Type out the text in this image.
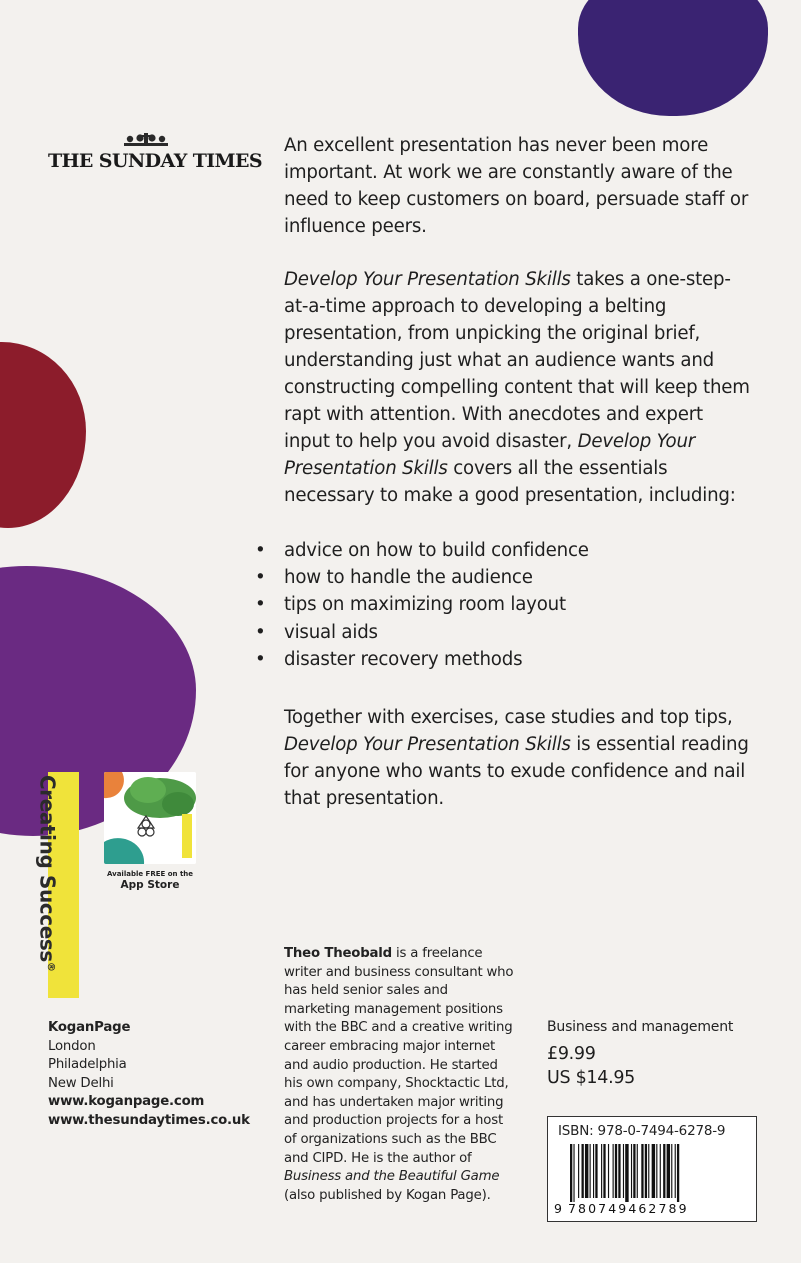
THE SUNDAY TIMES

An excellent presentation has never been more important. At work we are constantly aware of the need to keep customers on board, persuade staff or influence peers.

Develop Your Presentation Skills takes a one-step-at-a-time approach to developing a belting presentation, from unpicking the original brief, understanding just what an audience wants and constructing compelling content that will keep them rapt with attention. With anecdotes and expert input to help you avoid disaster, Develop Your Presentation Skills covers all the essentials necessary to make a good presentation, including:

• advice on how to build confidence
• how to handle the audience
• tips on maximizing room layout
• visual aids
• disaster recovery methods

Together with exercises, case studies and top tips, Develop Your Presentation Skills is essential reading for anyone who wants to exude confidence and nail that presentation.

Creating Success®
Available FREE on the
App Store
KoganPage
London
Philadelphia
New Delhi
www.koganpage.com
www.thesundaytimes.co.uk

Theo Theobald is a freelance writer and business consultant who has held senior sales and marketing management positions with the BBC and a creative writing career embracing major internet and audio production. He started his own company, Shocktactic Ltd, and has undertaken major writing and production projects for a host of organizations such as the BBC and CIPD. He is the author of Business and the Beautiful Game (also published by Kogan Page).

Business and management
£9.99
US $14.95
ISBN: 978-0-7494-6278-9
9 780749462789
